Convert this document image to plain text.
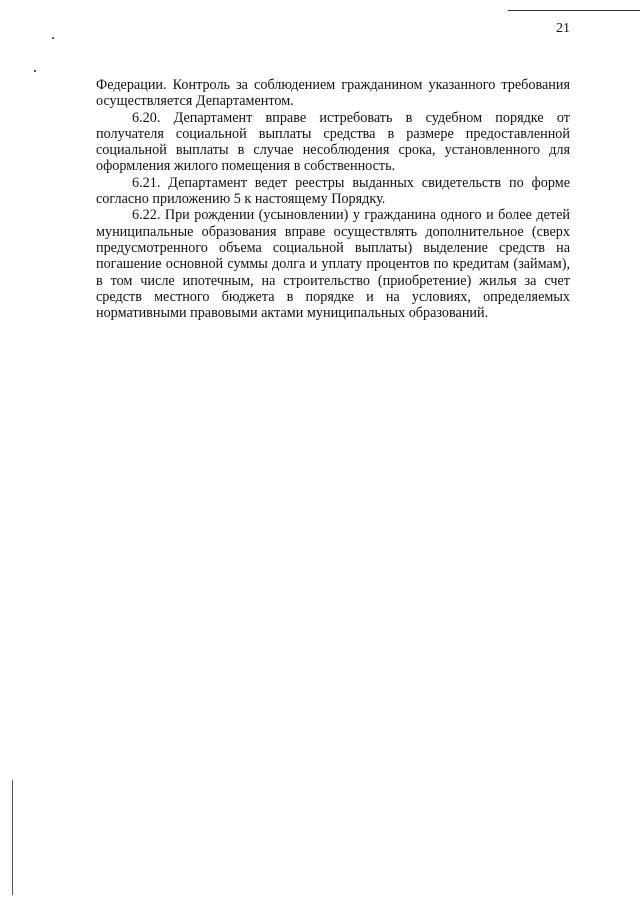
21

Федерации. Контроль за соблюдением гражданином указанного требования осуществляется Департаментом.

6.20. Департамент вправе истребовать в судебном порядке от получателя социальной выплаты средства в размере предоставленной социальной выплаты в случае несоблюдения срока, установленного для оформления жилого помещения в собственность.

6.21. Департамент ведет реестры выданных свидетельств по форме согласно приложению 5 к настоящему Порядку.

6.22. При рождении (усыновлении) у гражданина одного и более детей муниципальные образования вправе осуществлять дополнительное (сверх предусмотренного объема социальной выплаты) выделение средств на погашение основной суммы долга и уплату процентов по кредитам (займам), в том числе ипотечным, на строительство (приобретение) жилья за счет средств местного бюджета в порядке и на условиях, определяемых нормативными правовыми актами муниципальных образований.
